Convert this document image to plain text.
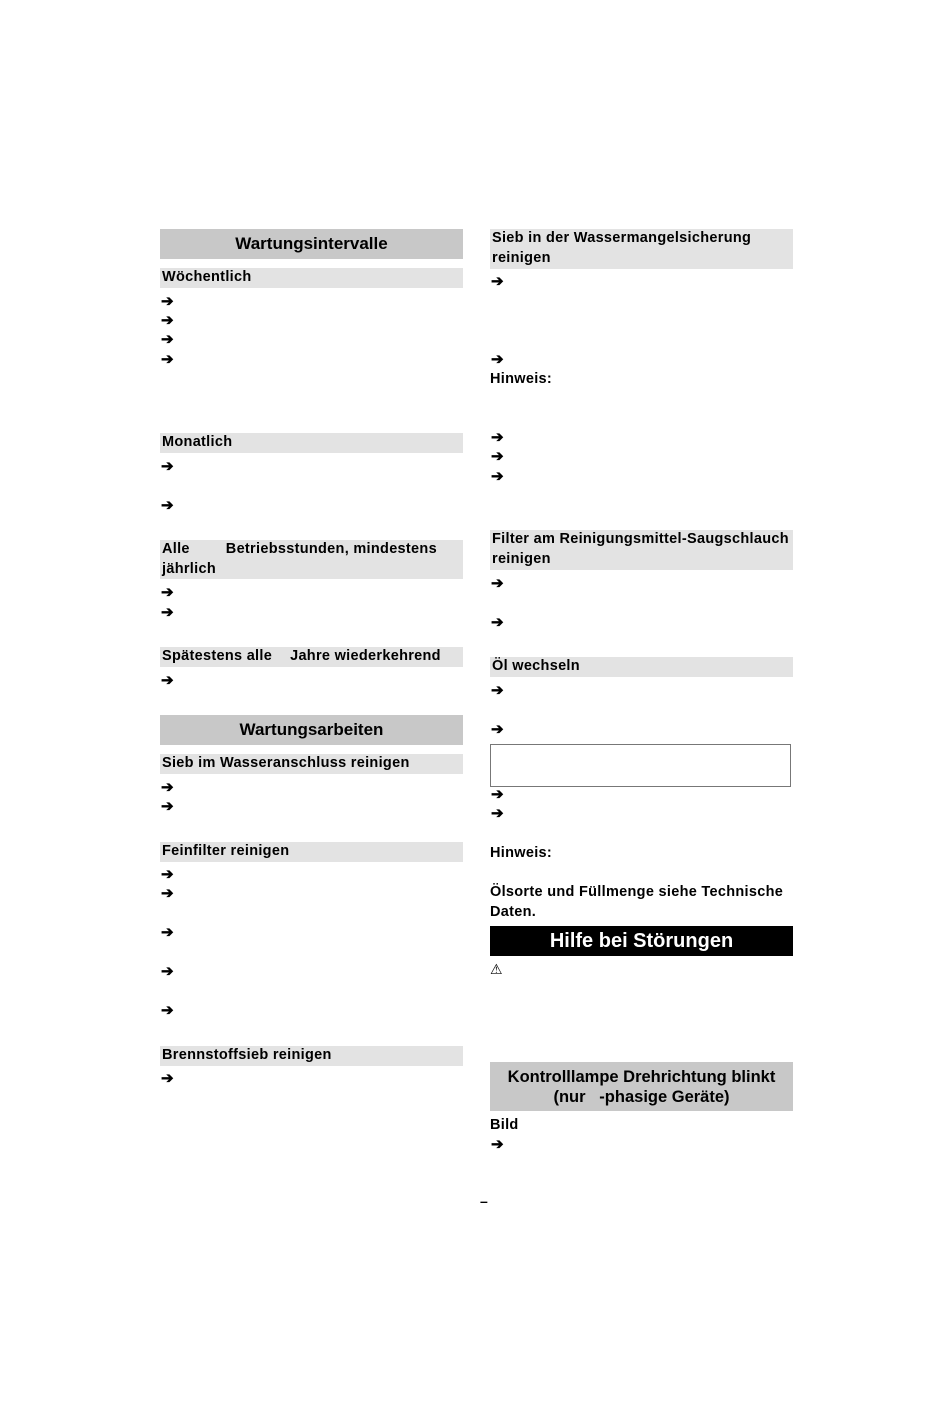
Wartungsintervalle
Wöchentlich
➔
➔
➔
➔
Monatlich
➔
➔
Alle Betriebsstunden, mindestens
jährlich
➔
➔
Spätestens alle Jahre wiederkehrend
➔
Wartungsarbeiten
Sieb im Wasseranschluss reinigen
➔
➔
Feinfilter reinigen
➔
➔
➔
➔
➔
Brennstoffsieb reinigen
➔
Sieb in der Wassermangelsicherung reinigen
➔
➔
Hinweis:
➔
➔
➔
Filter am Reinigungsmittel-Saugschlauch reinigen
➔
➔
Öl wechseln
➔
➔
➔
➔
Hinweis:
Ölsorte und Füllmenge siehe Technische Daten.
Hilfe bei Störungen
⚠
Kontrolllampe Drehrichtung blinkt
(nur   -phasige Geräte)
Bild
➔
–
